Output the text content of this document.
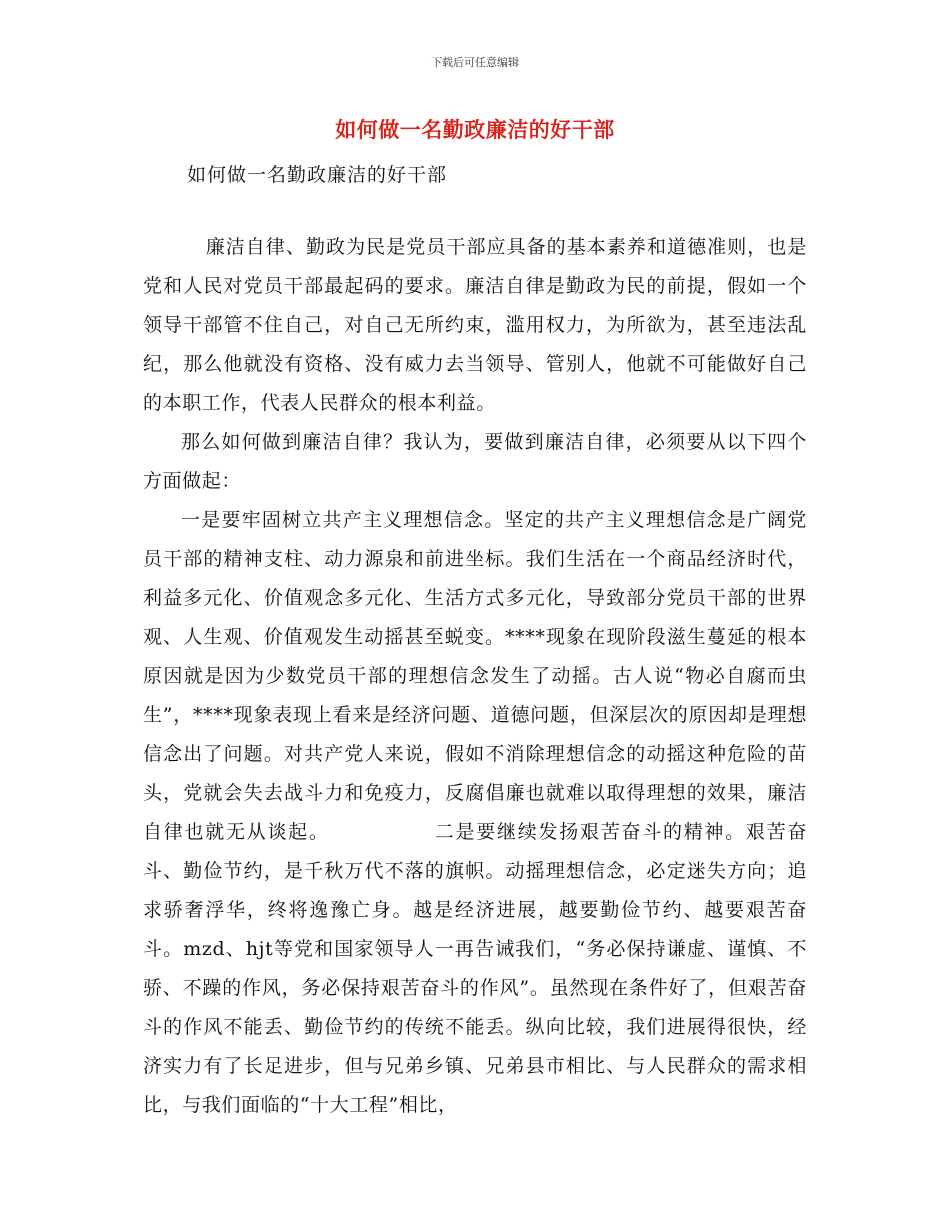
下载后可任意编辑
如何做一名勤政廉洁的好干部
如何做一名勤政廉洁的好干部

廉洁自律、勤政为民是党员干部应具备的基本素养和道德准则，也是党和人民对党员干部最起码的要求。廉洁自律是勤政为民的前提，假如一个领导干部管不住自己，对自己无所约束，滥用权力，为所欲为，甚至违法乱纪，那么他就没有资格、没有威力去当领导、管别人，他就不可能做好自己的本职工作，代表人民群众的根本利益。

那么如何做到廉洁自律？我认为，要做到廉洁自律，必须要从以下四个方面做起：

一是要牢固树立共产主义理想信念。坚定的共产主义理想信念是广阔党员干部的精神支柱、动力源泉和前进坐标。我们生活在一个商品经济时代，利益多元化、价值观念多元化、生活方式多元化，导致部分党员干部的世界观、人生观、价值观发生动摇甚至蜕变。****现象在现阶段滋生蔓延的根本原因就是因为少数党员干部的理想信念发生了动摇。古人说“物必自腐而虫生”，****现象表现上看来是经济问题、道德问题，但深层次的原因却是理想信念出了问题。对共产党人来说，假如不消除理想信念的动摇这种危险的苗头，党就会失去战斗力和免疫力，反腐倡廉也就难以取得理想的效果，廉洁自律也就无从谈起。	二是要继续发扬艰苦奋斗的精神。艰苦奋斗、勤俭节约，是千秋万代不落的旗帜。动摇理想信念，必定迷失方向；追求骄奢浮华，终将逸豫亡身。越是经济进展，越要勤俭节约、越要艰苦奋斗。mzd、hjt等党和国家领导人一再告诫我们，“务必保持谦虚、谨慎、不骄、不躁的作风，务必保持艰苦奋斗的作风”。虽然现在条件好了，但艰苦奋斗的作风不能丢、勤俭节约的传统不能丢。纵向比较，我们进展得很快，经济实力有了长足进步，但与兄弟乡镇、兄弟县市相比、与人民群众的需求相比，与我们面临的“十大工程”相比，
